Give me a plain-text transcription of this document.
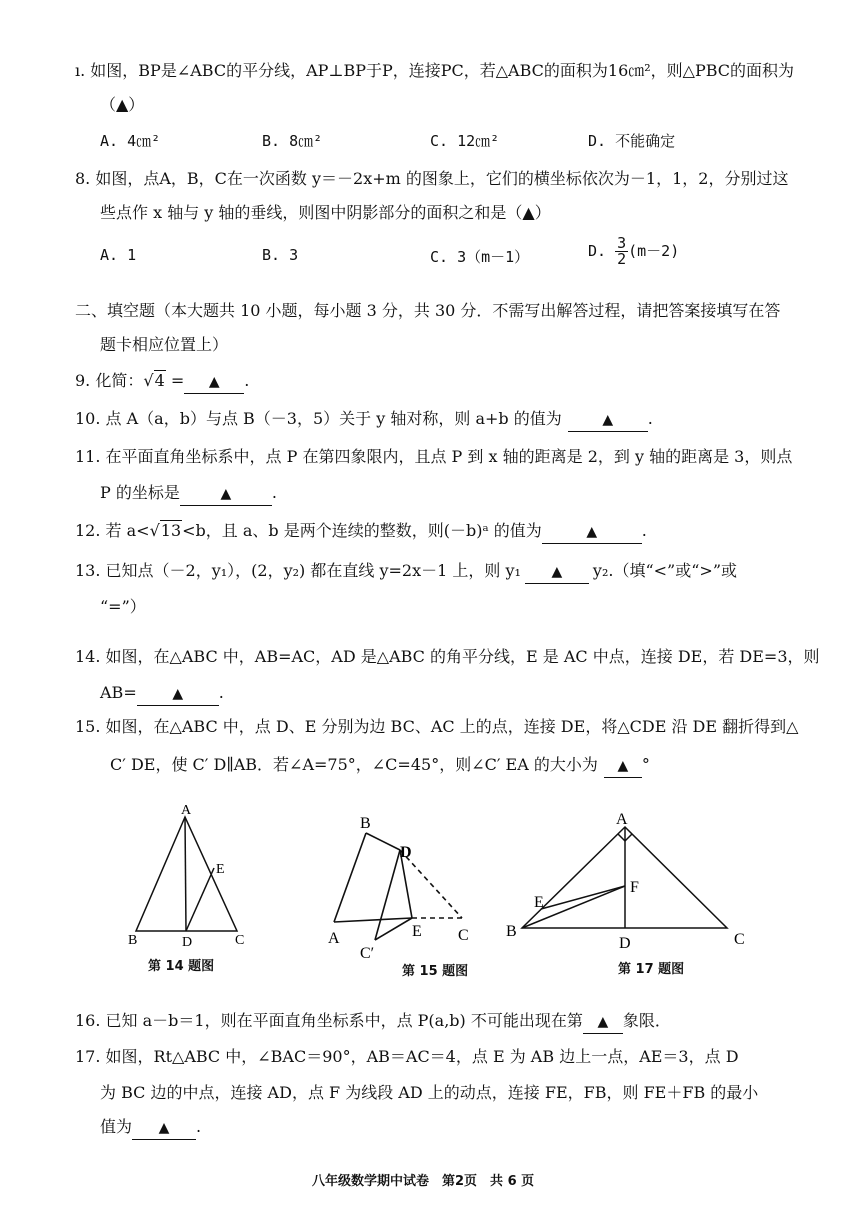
ı. 如图，BP是∠ABC的平分线，AP⊥BP于P，连接PC，若△ABC的面积为16㎝²，则△PBC的面积为
（▲）
A. 4㎝²	B. 8㎝²	C. 12㎝²	D. 不能确定
8. 如图，点A，B，C在一次函数 y＝－2x+m 的图象上，它们的横坐标依次为－1，1，2，分别过这
些点作 x 轴与 y 轴的垂线，则图中阴影部分的面积之和是（▲）
A. 1	B. 3	C. 3（m－1）	D. $\frac{3}{2} (m-2)$
二、填空题（本大题共 10 小题，每小题 3 分，共 30 分．不需写出解答过程，请把答案接填写在答
题卡相应位置上）
9. 化简：√4 = ▲ .
10. 点 A（a，b）与点 B（－3，5）关于 y 轴对称，则 a+b 的值为	▲ .
11. 在平面直角坐标系中，点 P 在第四象限内，且点 P 到 x 轴的距离是 2，到 y 轴的距离是 3，则点
P 的坐标是	▲	.
12. 若 a<√13<b，且 a、b 是两个连续的整数，则(－b)ᵃ 的值为	▲	.
13. 已知点（－2，y₁），(2，y₂) 都在直线 y=2x－1 上，则 y₁ ▲ y₂.（填“<”或“>”或
“=”）
14. 如图，在△ABC 中，AB=AC，AD 是△ABC 的角平分线，E 是 AC 中点，连接 DE，若 DE=3，则
AB=	▲ .
15. 如图，在△ABC 中，点 D、E 分别为边 BC、AC 上的点，连接 DE，将△CDE 沿 DE 翻折得到△
C′ DE，使 C′ D∥AB．若∠A=75°，∠C=45°，则∠C′ EA 的大小为 ▲ °
A
B	C
D
E
第 14 题图
B
D
A	E C
C′
第 15 题图
A
B	C
D
E
F
第 17 题图
16. 已知 a－b＝1，则在平面直角坐标系中，点 P(a,b) 不可能出现在第 ▲ 象限．
17. 如图，Rt△ABC 中，∠BAC＝90°，AB＝AC＝4，点 E 为 AB 边上一点，AE＝3，点 D
为 BC 边的中点，连接 AD，点 F 为线段 AD 上的动点，连接 FE，FB，则 FE＋FB 的最小
值为 ▲ .
八年级数学期中试卷　第2页　共 6 页
